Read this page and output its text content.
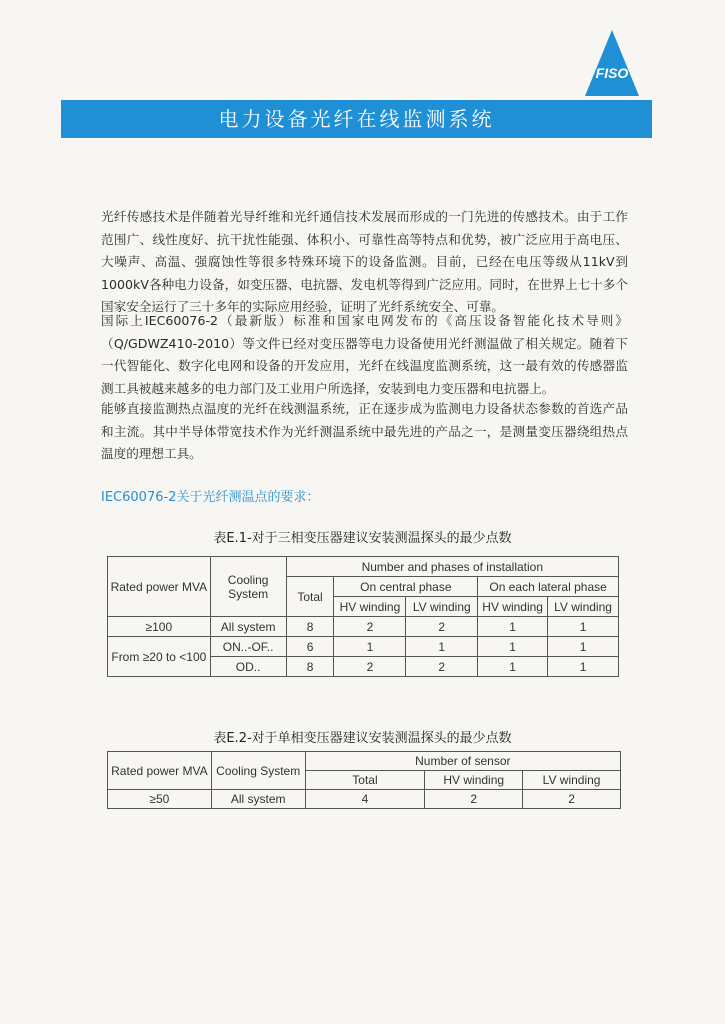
FISO
电力设备光纤在线监测系统

光纤传感技术是伴随着光导纤维和光纤通信技术发展而形成的一门先进的传感技术。由于工作范围广、线性度好、抗干扰性能强、体积小、可靠性高等特点和优势，被广泛应用于高电压、大噪声、高温、强腐蚀性等很多特殊环境下的设备监测。目前，已经在电压等级从11kV到1000kV各种电力设备，如变压器、电抗器、发电机等得到广泛应用。同时，在世界上七十多个国家安全运行了三十多年的实际应用经验，证明了光纤系统安全、可靠。

国际上IEC60076-2（最新版）标准和国家电网发布的《高压设备智能化技术导则》（Q/GDWZ410-2010）等文件已经对变压器等电力设备使用光纤测温做了相关规定。随着下一代智能化、数字化电网和设备的开发应用，光纤在线温度监测系统，这一最有效的传感器监测工具被越来越多的电力部门及工业用户所选择，安装到电力变压器和电抗器上。

能够直接监测热点温度的光纤在线测温系统，正在逐步成为监测电力设备状态参数的首选产品和主流。其中半导体带宽技术作为光纤测温系统中最先进的产品之一，是测量变压器绕组热点温度的理想工具。

IEC60076-2关于光纤测温点的要求：
表E.1-对于三相变压器建议安装测温探头的最少点数
Rated power MVA	Cooling System	Number and phases of installation				
		Total	On central phase		On each lateral phase	
			HV winding	LV winding	HV winding	LV winding
≥100	All system	8	2	2	1	1
From ≥20 to <100	ON..-OF..	6	1	1	1	1
	OD..	8	2	2	1	1
表E.2-对于单相变压器建议安装测温探头的最少点数
Rated power MVA	Cooling System	Number of sensor		
		Total	HV winding	LV winding
≥50	All system	4	2	2
